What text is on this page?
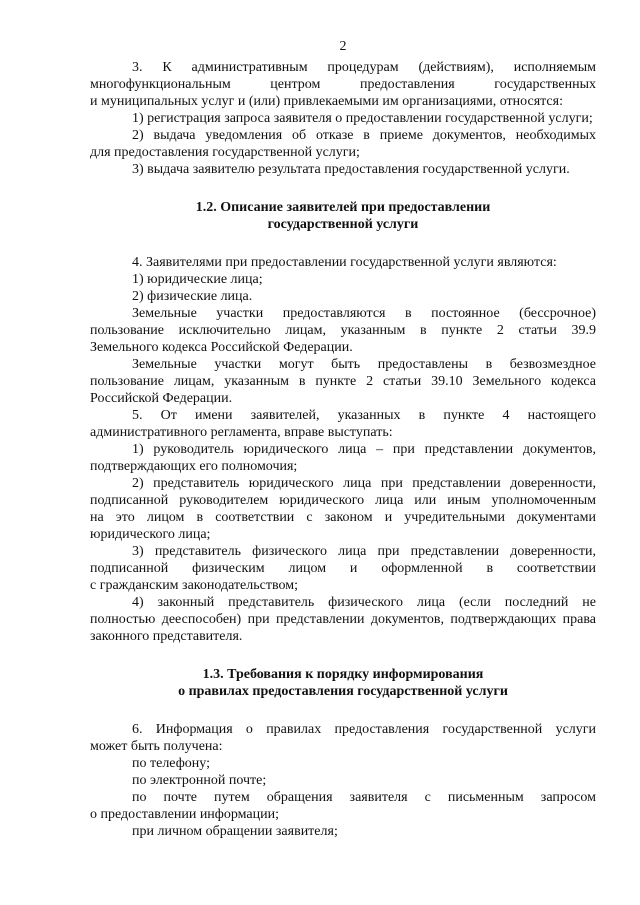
2

3. К административным процедурам (действиям), исполняемым

многофункциональным центром предоставления государственных

и муниципальных услуг и (или) привлекаемыми им организациями, относятся:

1) регистрация запроса заявителя о предоставлении государственной услуги;

2) выдача уведомления об отказе в приеме документов, необходимых

для предоставления государственной услуги;

3) выдача заявителю результата предоставления государственной услуги.

1.2. Описание заявителей при предоставлении
государственной услуги

4. Заявителями при предоставлении государственной услуги являются:

1) юридические лица;

2) физические лица.

Земельные участки предоставляются в постоянное (бессрочное)

пользование исключительно лицам, указанным в пункте 2 статьи 39.9

Земельного кодекса Российской Федерации.

Земельные участки могут быть предоставлены в безвозмездное

пользование лицам, указанным в пункте 2 статьи 39.10 Земельного кодекса

Российской Федерации.

5. От имени заявителей, указанных в пункте 4 настоящего

административного регламента, вправе выступать:

1) руководитель юридического лица – при представлении документов,

подтверждающих его полномочия;

2) представитель юридического лица при представлении доверенности,

подписанной руководителем юридического лица или иным уполномоченным

на это лицом в соответствии с законом и учредительными документами

юридического лица;

3) представитель физического лица при представлении доверенности,

подписанной физическим лицом и оформленной в соответствии

с гражданским законодательством;

4) законный представитель физического лица (если последний не

полностью дееспособен) при представлении документов, подтверждающих права

законного представителя.

1.3. Требования к порядку информирования
о правилах предоставления государственной услуги

6. Информация о правилах предоставления государственной услуги

может быть получена:

по телефону;

по электронной почте;

по почте путем обращения заявителя с письменным запросом

о предоставлении информации;

при личном обращении заявителя;
